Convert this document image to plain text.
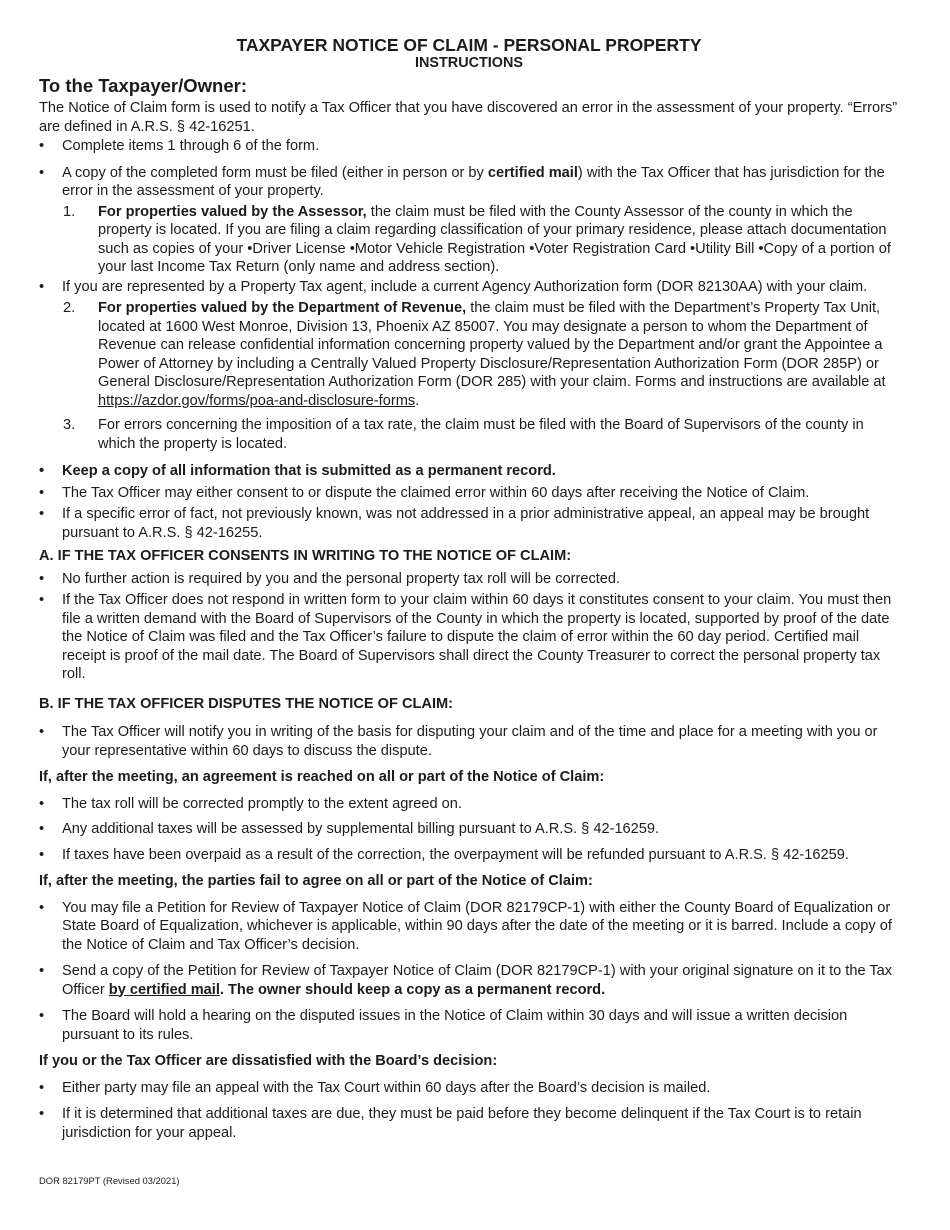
TAXPAYER NOTICE OF CLAIM - PERSONAL PROPERTY
INSTRUCTIONS
To the Taxpayer/Owner:
The Notice of Claim form is used to notify a Tax Officer that you have discovered an error in the assessment of your property. “Errors” are defined in A.R.S. § 42-16251.
• Complete items 1 through 6 of the form.
• A copy of the completed form must be filed (either in person or by certified mail) with the Tax Officer that has jurisdiction for the error in the assessment of your property.
1. For properties valued by the Assessor, the claim must be filed with the County Assessor of the county in which the property is located. If you are filing a claim regarding classification of your primary residence, please attach documentation such as copies of your •Driver License •Motor Vehicle Registration •Voter Registration Card •Utility Bill •Copy of a portion of your last Income Tax Return (only name and address section).
• If you are represented by a Property Tax agent, include a current Agency Authorization form (DOR 82130AA) with your claim.
2. For properties valued by the Department of Revenue, the claim must be filed with the Department’s Property Tax Unit, located at 1600 West Monroe, Division 13, Phoenix AZ 85007. You may designate a person to whom the Department of Revenue can release confidential information concerning property valued by the Department and/or grant the Appointee a Power of Attorney by including a Centrally Valued Property Disclosure/Representation Authorization Form (DOR 285P) or General Disclosure/Representation Authorization Form (DOR 285) with your claim. Forms and instructions are available at https://azdor.gov/forms/poa-and-disclosure-forms.
3. For errors concerning the imposition of a tax rate, the claim must be filed with the Board of Supervisors of the county in which the property is located.
• Keep a copy of all information that is submitted as a permanent record.
• The Tax Officer may either consent to or dispute the claimed error within 60 days after receiving the Notice of Claim.
• If a specific error of fact, not previously known, was not addressed in a prior administrative appeal, an appeal may be brought pursuant to A.R.S. § 42-16255.
A. IF THE TAX OFFICER CONSENTS IN WRITING TO THE NOTICE OF CLAIM:
• No further action is required by you and the personal property tax roll will be corrected.
• If the Tax Officer does not respond in written form to your claim within 60 days it constitutes consent to your claim. You must then file a written demand with the Board of Supervisors of the County in which the property is located, supported by proof of the date the Notice of Claim was filed and the Tax Officer’s failure to dispute the claim of error within the 60 day period. Certified mail receipt is proof of the mail date. The Board of Supervisors shall direct the County Treasurer to correct the personal property tax roll.
B. IF THE TAX OFFICER DISPUTES THE NOTICE OF CLAIM:
• The Tax Officer will notify you in writing of the basis for disputing your claim and of the time and place for a meeting with you or your representative within 60 days to discuss the dispute.
If, after the meeting, an agreement is reached on all or part of the Notice of Claim:
• The tax roll will be corrected promptly to the extent agreed on.
• Any additional taxes will be assessed by supplemental billing pursuant to A.R.S. § 42-16259.
• If taxes have been overpaid as a result of the correction, the overpayment will be refunded pursuant to A.R.S. § 42-16259.
If, after the meeting, the parties fail to agree on all or part of the Notice of Claim:
• You may file a Petition for Review of Taxpayer Notice of Claim (DOR 82179CP-1) with either the County Board of Equalization or State Board of Equalization, whichever is applicable, within 90 days after the date of the meeting or it is barred. Include a copy of the Notice of Claim and Tax Officer’s decision.
• Send a copy of the Petition for Review of Taxpayer Notice of Claim (DOR 82179CP-1) with your original signature on it to the Tax Officer by certified mail. The owner should keep a copy as a permanent record.
• The Board will hold a hearing on the disputed issues in the Notice of Claim within 30 days and will issue a written decision pursuant to its rules.
If you or the Tax Officer are dissatisfied with the Board’s decision:
• Either party may file an appeal with the Tax Court within 60 days after the Board’s decision is mailed.
• If it is determined that additional taxes are due, they must be paid before they become delinquent if the Tax Court is to retain jurisdiction for your appeal.
DOR 82179PT (Revised 03/2021)
